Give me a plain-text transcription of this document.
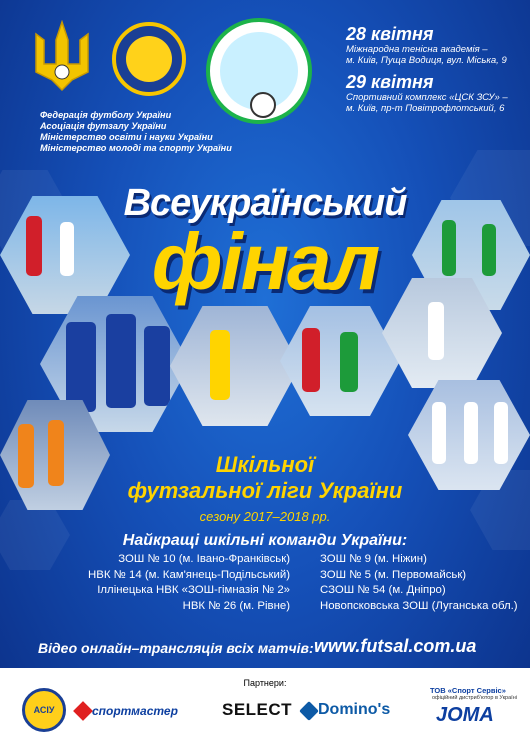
Федерація футболу України
Асоціація футзалу України
Міністерство освіти і науки України
Міністерство молоді та спорту України
28 квітня
Міжнародна тенісна академія –
м. Київ, Пуща Водиця, вул. Міська, 9
29 квітня
Спортивний комплекс «ЦСК ЗСУ» –
м. Київ, пр-т Повітрофлотський, 6
Всеукраїнський
фінал
Шкільної
футзальної ліги України
сезону 2017–2018 рр.
Найкращі шкільні команди України:
ЗОШ № 10 (м. Івано-Франківськ)
НВК № 14 (м. Кам'янець-Подільський)
Іллінецька НВК «ЗОШ-гімназія № 2»
НВК № 26 (м. Рівне)
ЗОШ № 9 (м. Ніжин)
ЗОШ № 5 (м. Первомайськ)
СЗОШ № 54 (м. Дніпро)
Новопсковська ЗОШ (Луганська обл.)
Відео онлайн–трансляція всіх матчів: www.futsal.com.ua
Партнери:
АСІУ	спортмастер	SELECT Domino's
ТОВ «Спорт Сервіс»
офіційний дистриб'ютор в Україні
JOMA
